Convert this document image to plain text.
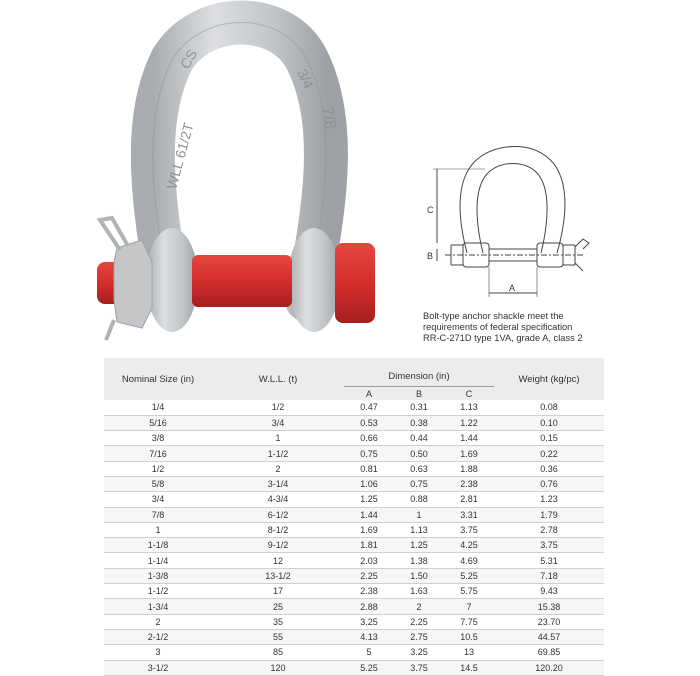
WLL 61/2T
CS
3/4
7/8
C
B
A
Bolt-type anchor shackle meet the
requirements of federal specification
RR-C-271D type 1VA, grade A, class 2
Nominal Size (in)	W.L.L. (t)	Dimension (in)			Weight (kg/pc)
		A	B	C	
1/4	1/2	0.47	0.31	1.13	0.08
5/16	3/4	0.53	0.38	1.22	0.10
3/8	1	0.66	0.44	1.44	0.15
7/16	1-1/2	0.75	0.50	1.69	0.22
1/2	2	0.81	0.63	1.88	0.36
5/8	3-1/4	1.06	0.75	2.38	0.76
3/4	4-3/4	1.25	0.88	2.81	1.23
7/8	6-1/2	1.44	1	3.31	1.79
1	8-1/2	1.69	1.13	3.75	2.78
1-1/8	9-1/2	1.81	1.25	4.25	3.75
1-1/4	12	2.03	1.38	4.69	5.31
1-3/8	13-1/2	2.25	1.50	5.25	7.18
1-1/2	17	2.38	1.63	5.75	9.43
1-3/4	25	2.88	2	7	15.38
2	35	3.25	2.25	7.75	23.70
2-1/2	55	4.13	2.75	10.5	44.57
3	85	5	3.25	13	69.85
3-1/2	120	5.25	3.75	14.5	120.20
